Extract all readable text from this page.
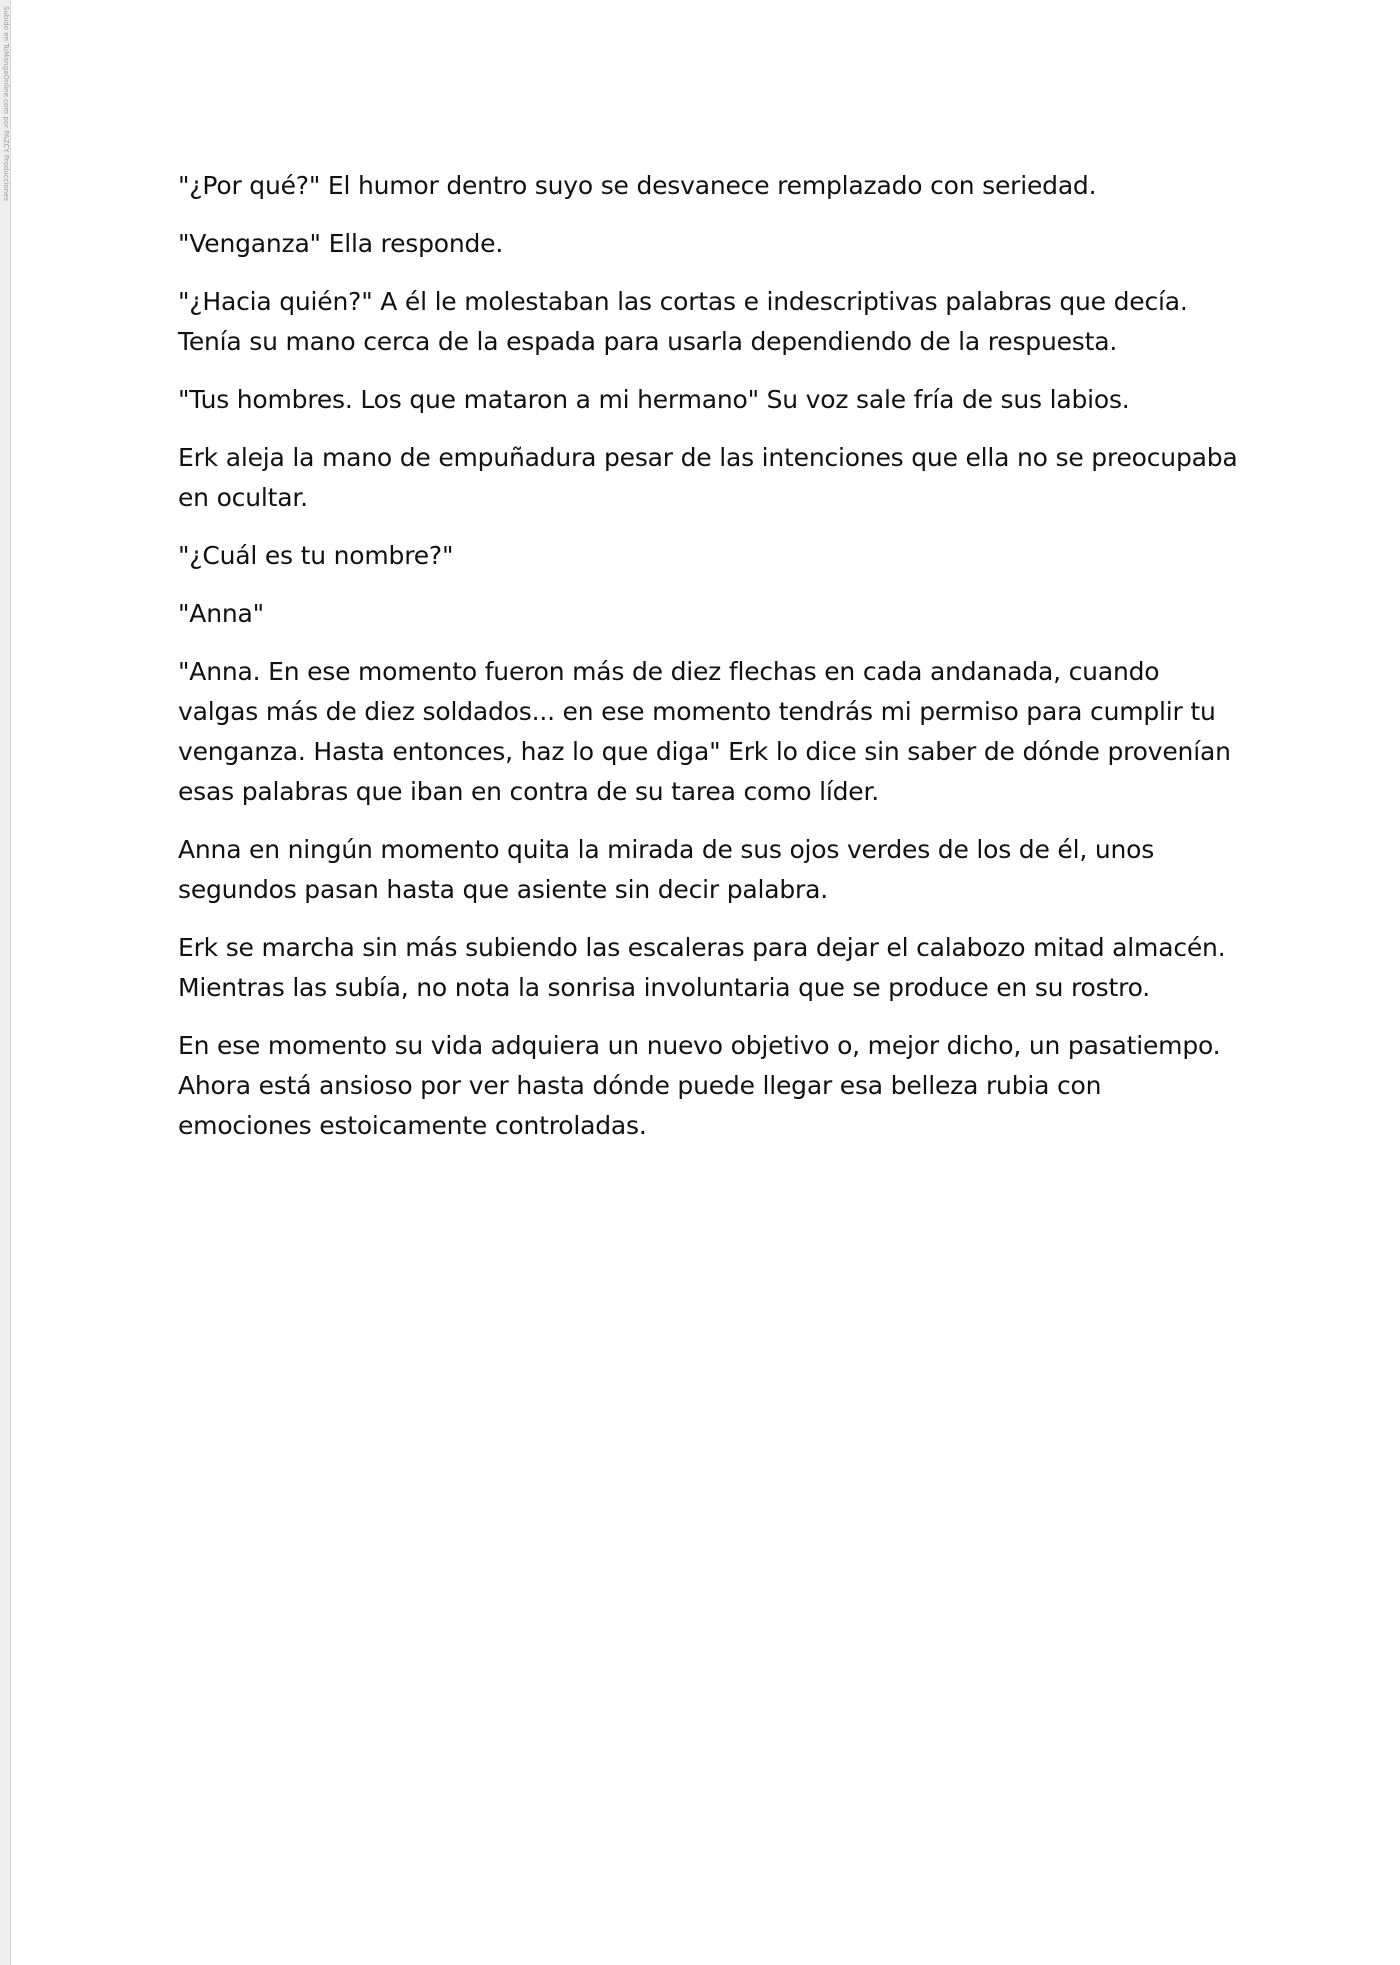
Subido en TuMangaOnline.com por PAZCY Producciones	"¿Por qué?" El humor dentro suyo se desvanece remplazado con seriedad.

"Venganza" Ella responde.

"¿Hacia quién?" A él le molestaban las cortas e indescriptivas palabras que decía.
Tenía su mano cerca de la espada para usarla dependiendo de la respuesta.

"Tus hombres. Los que mataron a mi hermano" Su voz sale fría de sus labios.

Erk aleja la mano de empuñadura pesar de las intenciones que ella no se preocupaba
en ocultar.

"¿Cuál es tu nombre?"

"Anna"

"Anna. En ese momento fueron más de diez flechas en cada andanada, cuando
valgas más de diez soldados... en ese momento tendrás mi permiso para cumplir tu
venganza. Hasta entonces, haz lo que diga" Erk lo dice sin saber de dónde provenían
esas palabras que iban en contra de su tarea como líder.

Anna en ningún momento quita la mirada de sus ojos verdes de los de él, unos
segundos pasan hasta que asiente sin decir palabra.

Erk se marcha sin más subiendo las escaleras para dejar el calabozo mitad almacén.
Mientras las subía, no nota la sonrisa involuntaria que se produce en su rostro.

En ese momento su vida adquiera un nuevo objetivo o, mejor dicho, un pasatiempo.
Ahora está ansioso por ver hasta dónde puede llegar esa belleza rubia con
emociones estoicamente controladas.
